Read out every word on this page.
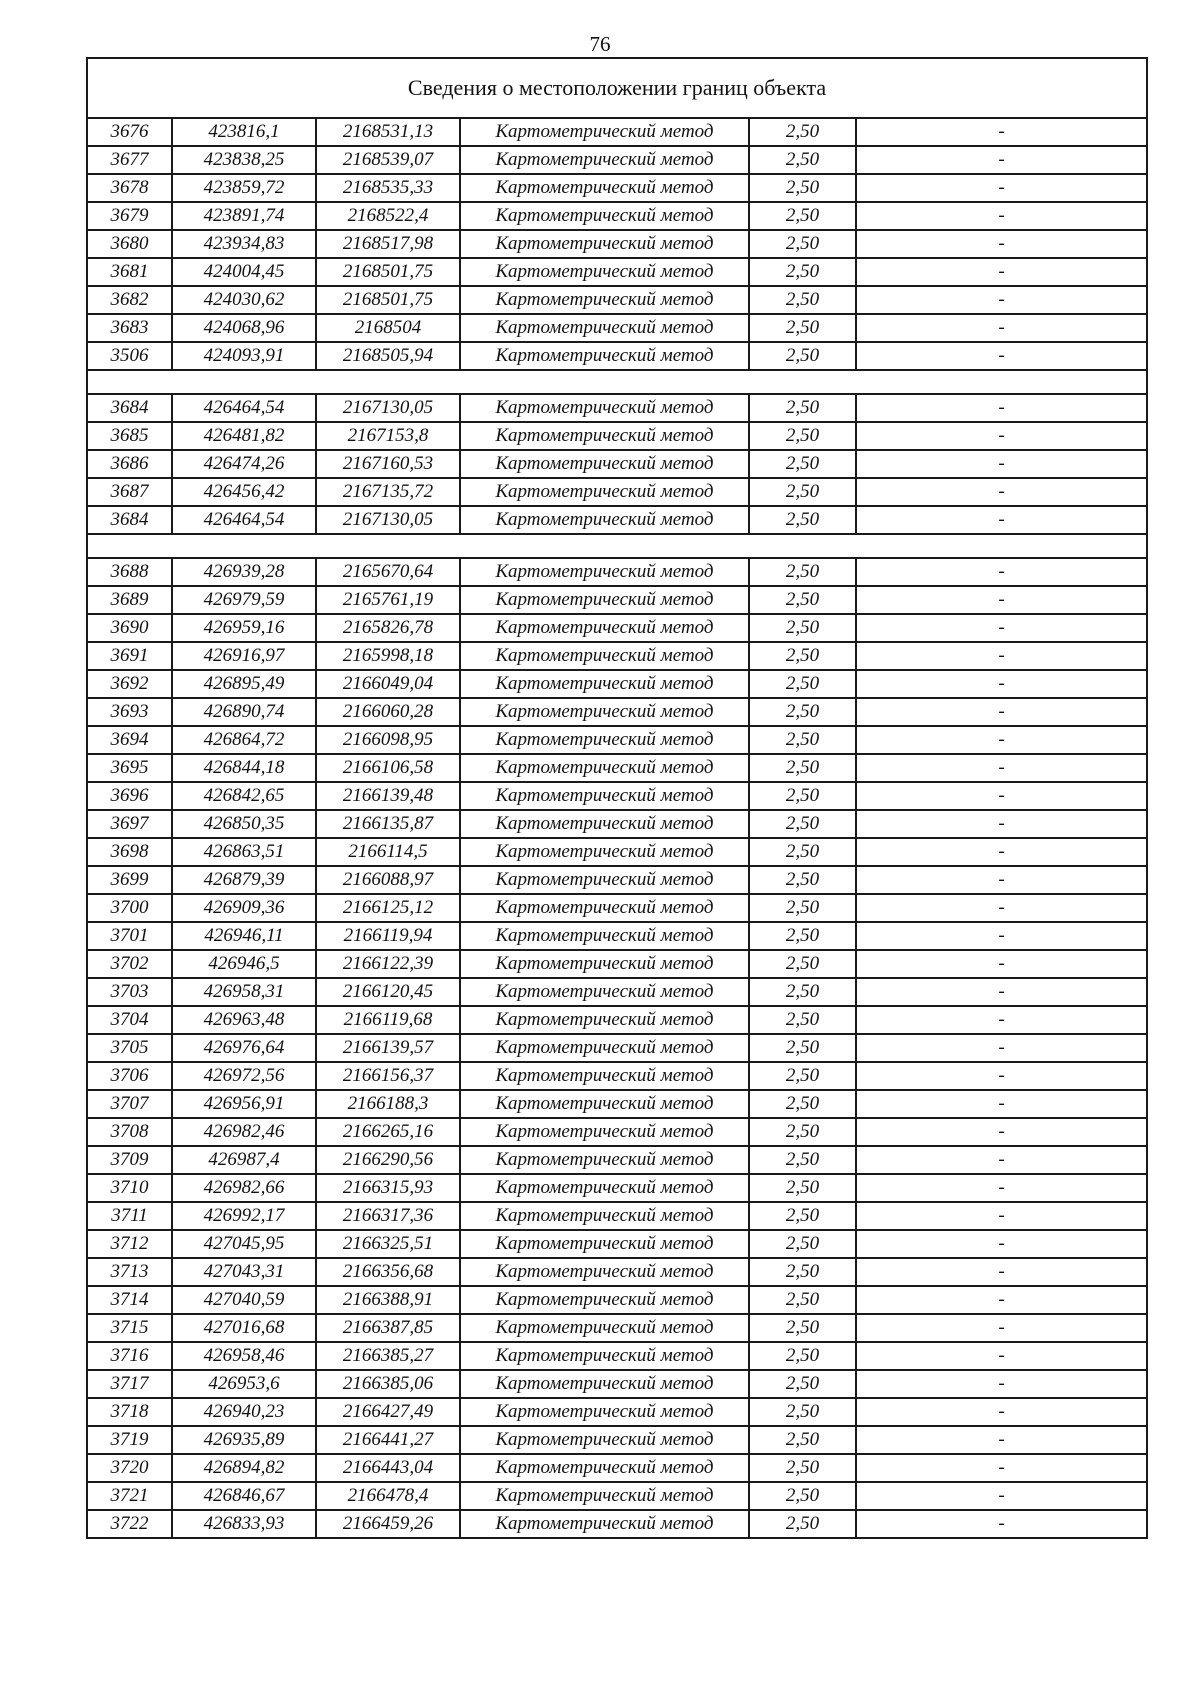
76
Сведения о местоположении границ объекта					
3676	423816,1	2168531,13	Картометрический метод	2,50	-
3677	423838,25	2168539,07	Картометрический метод	2,50	-
3678	423859,72	2168535,33	Картометрический метод	2,50	-
3679	423891,74	2168522,4	Картометрический метод	2,50	-
3680	423934,83	2168517,98	Картометрический метод	2,50	-
3681	424004,45	2168501,75	Картометрический метод	2,50	-
3682	424030,62	2168501,75	Картометрический метод	2,50	-
3683	424068,96	2168504	Картометрический метод	2,50	-
3506	424093,91	2168505,94	Картометрический метод	2,50	-

3684	426464,54	2167130,05	Картометрический метод	2,50	-
3685	426481,82	2167153,8	Картометрический метод	2,50	-
3686	426474,26	2167160,53	Картометрический метод	2,50	-
3687	426456,42	2167135,72	Картометрический метод	2,50	-
3684	426464,54	2167130,05	Картометрический метод	2,50	-

3688	426939,28	2165670,64	Картометрический метод	2,50	-
3689	426979,59	2165761,19	Картометрический метод	2,50	-
3690	426959,16	2165826,78	Картометрический метод	2,50	-
3691	426916,97	2165998,18	Картометрический метод	2,50	-
3692	426895,49	2166049,04	Картометрический метод	2,50	-
3693	426890,74	2166060,28	Картометрический метод	2,50	-
3694	426864,72	2166098,95	Картометрический метод	2,50	-
3695	426844,18	2166106,58	Картометрический метод	2,50	-
3696	426842,65	2166139,48	Картометрический метод	2,50	-
3697	426850,35	2166135,87	Картометрический метод	2,50	-
3698	426863,51	2166114,5	Картометрический метод	2,50	-
3699	426879,39	2166088,97	Картометрический метод	2,50	-
3700	426909,36	2166125,12	Картометрический метод	2,50	-
3701	426946,11	2166119,94	Картометрический метод	2,50	-
3702	426946,5	2166122,39	Картометрический метод	2,50	-
3703	426958,31	2166120,45	Картометрический метод	2,50	-
3704	426963,48	2166119,68	Картометрический метод	2,50	-
3705	426976,64	2166139,57	Картометрический метод	2,50	-
3706	426972,56	2166156,37	Картометрический метод	2,50	-
3707	426956,91	2166188,3	Картометрический метод	2,50	-
3708	426982,46	2166265,16	Картометрический метод	2,50	-
3709	426987,4	2166290,56	Картометрический метод	2,50	-
3710	426982,66	2166315,93	Картометрический метод	2,50	-
3711	426992,17	2166317,36	Картометрический метод	2,50	-
3712	427045,95	2166325,51	Картометрический метод	2,50	-
3713	427043,31	2166356,68	Картометрический метод	2,50	-
3714	427040,59	2166388,91	Картометрический метод	2,50	-
3715	427016,68	2166387,85	Картометрический метод	2,50	-
3716	426958,46	2166385,27	Картометрический метод	2,50	-
3717	426953,6	2166385,06	Картометрический метод	2,50	-
3718	426940,23	2166427,49	Картометрический метод	2,50	-
3719	426935,89	2166441,27	Картометрический метод	2,50	-
3720	426894,82	2166443,04	Картометрический метод	2,50	-
3721	426846,67	2166478,4	Картометрический метод	2,50	-
3722	426833,93	2166459,26	Картометрический метод	2,50	-
